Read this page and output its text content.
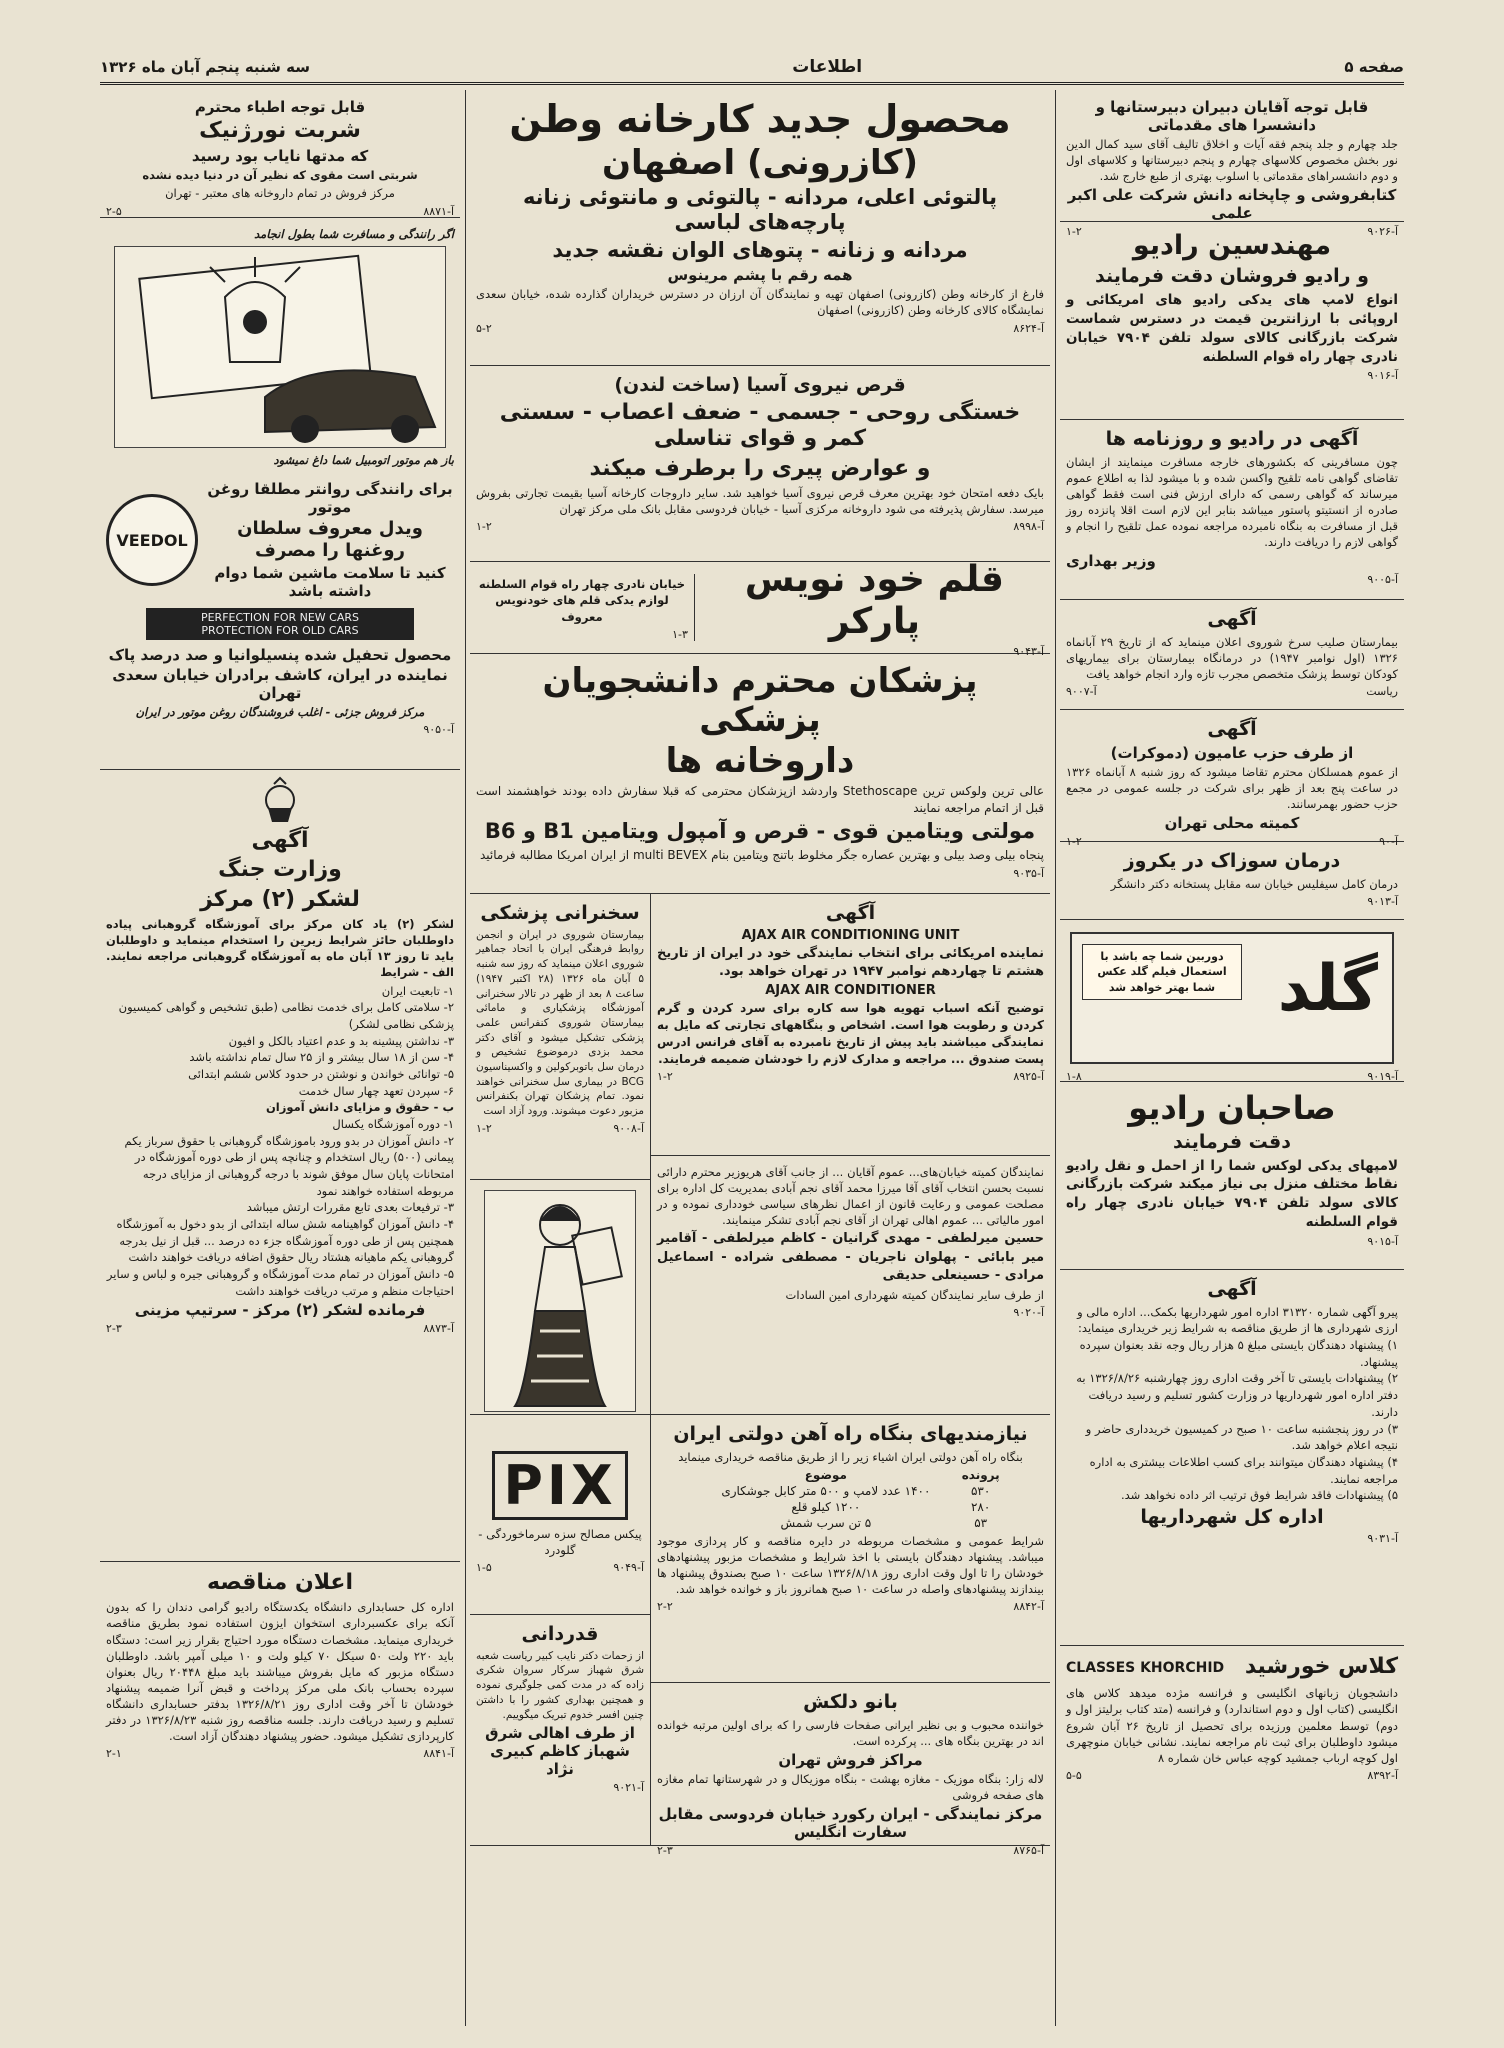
صفحه ۵
اطلاعات
سه شنبه پنجم آبان ماه ۱۳۲۶
قابل توجه آقایان دبیران دبیرستانها و دانشسرا های مقدماتی

جلد چهارم و جلد پنجم فقه آیات و اخلاق تالیف آقای سید کمال الدین نور بخش مخصوص کلاسهای چهارم و پنجم دبیرستانها و کلاسهای اول و دوم دانشسراهای مقدماتی با اسلوب بهتری از طبع خارج شد.

کتابفروشی و چاپخانه دانش شرکت علی اکبر علمی
آ-۹۰۲۶
۱-۲	مهندسین رادیو
و رادیو فروشان دقت فرمایند

انواع لامپ های یدکی رادیو های امریکائی و اروپائی با ارزانترین قیمت در دسترس شماست شرکت بازرگانی کالای سولد تلفن ۷۹۰۴ خیابان نادری چهار راه قوام السلطنه

آ-۹۰۱۶
آگهی در رادیو و روزنامه ها

چون مسافرینی که بکشورهای خارجه مسافرت مینمایند از ایشان تقاضای گواهی نامه تلقیح واکسن شده و با میشود لذا به اطلاع عموم میرساند که گواهی رسمی که دارای ارزش فنی است فقط گواهی صادره از انستیتو پاستور میباشد بنابر این لازم است اقلا پانزده روز قبل از مسافرت به بنگاه نامبرده مراجعه نموده عمل تلقیح را انجام و گواهی لازم را دریافت دارند.

وزیر بهداری
آ-۹۰۰۵
آگهی

بیمارستان صلیب سرخ شوروی اعلان مینماید که از تاریخ ۲۹ آبانماه ۱۳۲۶ (اول نوامبر ۱۹۴۷) در درمانگاه بیمارستان برای بیماریهای کودکان توسط پزشک متخصص مجرب تازه وارد انجام خواهد یافت

ریاست
آ-۹۰۰۷
آگهی
از طرف حزب عامیون (دموکرات)

از عموم همسلکان محترم تقاضا میشود که روز شنبه ۸ آبانماه ۱۳۲۶ در ساعت پنج بعد از ظهر برای شرکت در جلسه عمومی در مجمع حزب حضور بهمرسانند.

کمیته محلی تهران
آ-۹۰
۱-۲
درمان سوزاک در یکروز

درمان کامل سیفلیس خیابان سه مقابل پستخانه دکتر دانشگر

آ-۹۰۱۳
گلد
دوربین شما چه باشد با استعمال فیلم گلد عکس شما بهتر خواهد شد
آ-۹۰۱۹
۱-۸
صاحبان رادیو
دقت فرمایند

لامپهای یدکی لوکس شما را از احمل و نقل رادیو نقاط مختلف منزل بی نیاز میکند شرکت بازرگانی کالای سولد تلفن ۷۹۰۴ خیابان نادری چهار راه قوام السلطنه

آ-۹۰۱۵
آگهی
پیرو آگهی شماره ۳۱۳۲۰ اداره امور شهرداریها بکمک... اداره مالی و ارزی شهرداری ها از طریق مناقصه به شرایط زیر خریداری مینماید:
۱) پیشنهاد دهندگان بایستی مبلغ ۵ هزار ریال وجه نقد بعنوان سپرده پیشنهاد.
۲) پیشنهادات بایستی تا آخر وقت اداری روز چهارشنبه ۱۳۲۶/۸/۲۶ به دفتر اداره امور شهرداریها در وزارت کشور تسلیم و رسید دریافت دارند.
۳) در روز پنجشنبه ساعت ۱۰ صبح در کمیسیون خریدداری حاضر و نتیجه اعلام خواهد شد.
۴) پیشنهاد دهندگان میتوانند برای کسب اطلاعات بیشتری به اداره مراجعه نمایند.
۵) پیشنهادات فاقد شرایط فوق ترتیب اثر داده نخواهد شد.
اداره کل شهرداریها
آ-۹۰۳۱
کلاس خورشید
CLASSES KHORCHID

دانشجویان زبانهای انگلیسی و فرانسه مژده میدهد کلاس های انگلیسی (کتاب اول و دوم استاندارد) و فرانسه (متد کتاب برلیتز اول و دوم) توسط معلمین ورزیده برای تحصیل از تاریخ ۲۶ آبان شروع میشود داوطلبان برای ثبت نام مراجعه نمایند. نشانی خیابان منوچهری اول کوچه ارباب جمشید کوچه عباس خان شماره ۸

آ-۸۳۹۲
۵-۵
محصول جدید کارخانه وطن
(کازرونی) اصفهان
پالتوئی اعلی، مردانه - پالتوئی و مانتوئی زنانه پارچه‌های لباسی
مردانه و زنانه - پتوهای الوان نقشه جدید
همه رقم با پشم مرینوس

فارغ از کارخانه وطن (کازرونی) اصفهان تهیه و نمایندگان آن ارزان در دسترس خریداران گذارده شده، خیابان سعدی نمایشگاه کالای کارخانه وطن (کازرونی) اصفهان

آ-۸۶۲۴
۵-۲
قرص نیروی آسیا (ساخت لندن)
خستگی روحی - جسمی - ضعف اعصاب - سستی کمر و قوای تناسلی
و عوارض پیری را برطرف میکند

بایک دفعه امتحان خود بهترین معرف قرص نیروی آسیا خواهید شد. سایر داروجات کارخانه آسیا بقیمت تجارتی بفروش میرسد. سفارش پذیرفته می شود داروخانه مرکزی آسیا - خیابان فردوسی مقابل بانک ملی مرکز تهران

آ-۸۹۹۸
۱-۲
قلم خود نویس پارکر
آ-۹۰۴۳

خیابان نادری چهار راه قوام السلطنه لوازم یدکی قلم های خودنویس معروف

۱-۳
پزشکان محترم دانشجویان پزشکی
داروخانه ها

عالی ترین ولوکس ترین Stethoscape واردشد ازپزشکان محترمی که قبلا سفارش داده بودند خواهشمند است قبل از اتمام مراجعه نمایند

مولتی ویتامین قوی - قرص و آمپول ویتامین B1 و B6

پنجاه بیلی وصد بیلی و بهترین عصاره جگر مخلوط باتنج ویتامین بنام multi BEVEX از ایران امریکا مطالبه فرمائید

آ-۹۰۳۵
آگهی
AJAX AIR CONDITIONING UNIT

نماینده امریکائی برای انتخاب نمایندگی خود در ایران از تاریخ هشتم تا چهاردهم نوامبر ۱۹۴۷ در تهران خواهد بود.

AJAX AIR CONDITIONER

توضیح آنکه اسباب تهویه هوا سه کاره برای سرد کردن و گرم کردن و رطوبت هوا است. اشخاص و بنگاههای تجارتی که مایل به نمایندگی میباشند باید پیش از تاریخ نامبرده به آقای فرانس ادرس پست صندوق ... مراجعه و مدارک لازم را خودشان ضمیمه فرمایند.

آ-۸۹۲۵
۱-۲

نمایندگان کمیته خیابان‌های... عموم آقایان ... از جانب آقای هریوزیر محترم دارائی نسبت بحسن انتخاب آقای آقا میرزا محمد آقای نجم آبادی بمدیریت کل اداره برای مصلحت عمومی و رعایت قانون از اعمال نظرهای سیاسی خودداری نموده و در امور مالیاتی ... عموم اهالی تهران از آقای نجم آبادی تشکر مینمایند.

حسین میرلطفی - مهدی گرانیان - کاظم میرلطفی - آقامیر میر بابائی - پهلوان ناجریان - مصطفی شراده - اسماعیل مرادی - حسینعلی حدیقی

از طرف سایر نمایندگان کمیته شهرداری امین السادات

آ-۹۰۲۰
سخنرانی پزشکی

بیمارستان شوروی در ایران و انجمن روابط فرهنگی ایران با اتحاد جماهیر شوروی اعلان مینماید که روز سه شنبه ۵ آبان ماه ۱۳۲۶ (۲۸ اکتبر ۱۹۴۷) ساعت ۸ بعد از ظهر در تالار سخنرانی آموزشگاه پزشکیاری و مامائی بیمارستان شوروی کنفرانس علمی پزشکی تشکیل میشود و آقای دکتر محمد بزدی درموضوع تشخیص و درمان سل باتوبرکولین و واکسیناسیون BCG در بیماری سل سخنرانی خواهند نمود. تمام پزشکان تهران بکنفرانس مزبور دعوت میشوند. ورود آزاد است

آ-۹۰۰۸
۱-۲
نیازمندیهای بنگاه راه آهن دولتی ایران

بنگاه راه آهن دولتی ایران اشیاء زیر را از طریق مناقصه خریداری مینماید

پرونده	موضوع
۵۳۰	۱۴۰۰ عدد لامپ و ۵۰۰ متر کابل جوشکاری
۲۸۰	۱۲۰۰ کیلو قلع
۵۳	۵ تن سرب شمش

شرایط عمومی و مشخصات مربوطه در دایره مناقصه و کار پردازی موجود میباشد. پیشنهاد دهندگان بایستی با اخذ شرایط و مشخصات مزبور پیشنهادهای خودشان را تا اول وقت اداری روز ۱۳۲۶/۸/۱۸ ساعت ۱۰ صبح بصندوق پیشنهاد ها بیندازند پیشنهادهای واصله در ساعت ۱۰ صبح همانروز باز و خوانده خواهد شد.

آ-۸۸۴۲
۲-۲
بانو دلکش

خواننده محبوب و بی نظیر ایرانی صفحات فارسی را که برای اولین مرتبه خوانده اند در بهترین بنگاه های ... پرکرده است.

مراکز فروش تهران

لاله زار: بنگاه موزیک - مغازه بهشت - بنگاه موزیکال و در شهرستانها تمام مغازه های صفحه فروشی

مرکز نمایندگی - ایران رکورد خیابان فردوسی مقابل سفارت انگلیس
آ-۸۷۶۵
۲-۳
PIX

پیکس مصالح سزه سرماخوردگی - گلودرد

آ-۹۰۴۹
۱-۵
قدردانی

از زحمات دکتر نایب کبیر ریاست شعبه شرق شهباز سرکار سروان شکری زاده که در مدت کمی جلوگیری نموده و همچنین بهداری کشور را با داشتن چنین افسر خدوم تبریک میگوییم.

از طرف اهالی شرق شهباز کاظم کبیری نژاد
آ-۹۰۲۱
قابل توجه اطباء محترم
شربت نورژنیک
که مدتها نایاب بود رسید

شربتی است مقوی که نظیر آن در دنیا دیده نشده

مرکز فروش در تمام داروخانه های معتبر - تهران

آ-۸۸۷۱
۲-۵

اگر رانندگی و مسافرت شما بطول انجامد

باز هم موتور اتومبیل شما داغ نمیشود

برای رانندگی روانتر مطلقا روغن موتور
ویدل معروف سلطان روغنها را مصرف
کنید تا سلامت ماشین شما دوام داشته باشد
VEEDOL
PERFECTION FOR NEW CARS
PROTECTION FOR OLD CARS
محصول تحفیل شده پنسیلوانیا و صد درصد پاک
نماینده در ایران، کاشف برادران خیابان سعدی تهران

مرکز فروش جزئی - اغلب فروشندگان روغن موتور در ایران

آ-۹۰۵۰
آگهی
وزارت جنگ
لشکر (۲) مرکز

لشکر (۲) یاد کان مرکز برای آموزشگاه گروهبانی پیاده داوطلبان حائز شرایط زیرین را استخدام مینماید و داوطلبان باید تا روز ۱۳ آبان ماه به آموزشگاه گروهبانی مراجعه نمایند. الف - شرایط

۱- تابعیت ایران
۲- سلامتی کامل برای خدمت نظامی (طبق تشخیص و گواهی کمیسیون پزشکی نظامی لشکر)
۳- نداشتن پیشینه بد و عدم اعتیاد بالکل و افیون
۴- سن از ۱۸ سال بیشتر و از ۲۵ سال تمام نداشته باشد
۵- توانائی خواندن و نوشتن در حدود کلاس ششم ابتدائی
۶- سپردن تعهد چهار سال خدمت
ب - حقوق و مزایای دانش آموزان
۱- دوره آموزشگاه یکسال
۲- دانش آموزان در بدو ورود باموزشگاه گروهبانی با حقوق سرباز یکم پیمانی (۵۰۰) ریال استخدام و چنانچه پس از طی دوره آموزشگاه در امتحانات پایان سال موفق شوند با درجه گروهبانی از مزایای درجه مربوطه استفاده خواهند نمود
۳- ترفیعات بعدی تابع مقررات ارتش میباشد
۴- دانش آموزان گواهینامه شش ساله ابتدائی از بدو دخول به آموزشگاه همچنین پس از طی دوره آموزشگاه جزء ده درصد ... قبل از نیل بدرجه گروهبانی یکم ماهیانه هشتاد ریال حقوق اضافه دریافت خواهند داشت
۵- دانش آموزان در تمام مدت آموزشگاه و گروهبانی جیره و لباس و سایر احتیاجات منظم و مرتب دریافت خواهند داشت
فرمانده لشکر (۲) مرکز - سرتیپ مزینی
آ-۸۸۷۳
۲-۳
اعلان مناقصه

اداره کل حسابداری دانشگاه یکدستگاه رادیو گرامی دندان را که بدون آنکه برای عکسبرداری استخوان ایزون استفاده نمود بطریق مناقصه خریداری مینماید. مشخصات دستگاه مورد احتیاج بقرار زیر است: دستگاه باید ۲۲۰ ولت ۵۰ سیکل ۷۰ کیلو ولت و ۱۰ میلی آمپر باشد. داوطلبان دستگاه مزبور که مایل بفروش میباشند باید مبلغ ۲۰۴۴۸ ریال بعنوان سپرده بحساب بانک ملی مرکز پرداخت و قبض آنرا ضمیمه پیشنهاد خودشان تا آخر وقت اداری روز ۱۳۲۶/۸/۲۱ بدفتر حسابداری دانشگاه تسلیم و رسید دریافت دارند. جلسه مناقصه روز شنبه ۱۳۲۶/۸/۲۳ در دفتر کارپردازی تشکیل میشود. حضور پیشنهاد دهندگان آزاد است.

آ-۸۸۴۱
۲-۱
